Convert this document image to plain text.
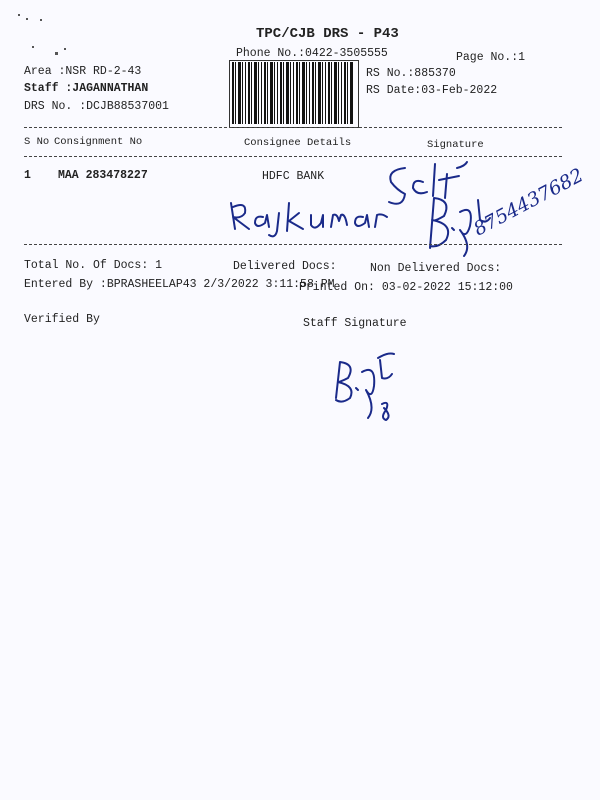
TPC/CJB DRS - P43
Phone No.:0422-3505555	Page No.:1
Area :NSR RD-2-43
Staff :JAGANNATHAN
DRS No. :DCJB88537001
RS No.:885370
RS Date:03-Feb-2022
S No Consignment No	Consignee Details	Signature
1 MAA 283478227	HDFC BANK	8754437682
Total No. Of Docs: 1	Delivered Docs:	Non Delivered Docs:
Entered By :BPRASHEELAP43 2/3/2022 3:11:58 PM
Printed On: 03-02-2022 15:12:00
Verified By	Staff Signature
